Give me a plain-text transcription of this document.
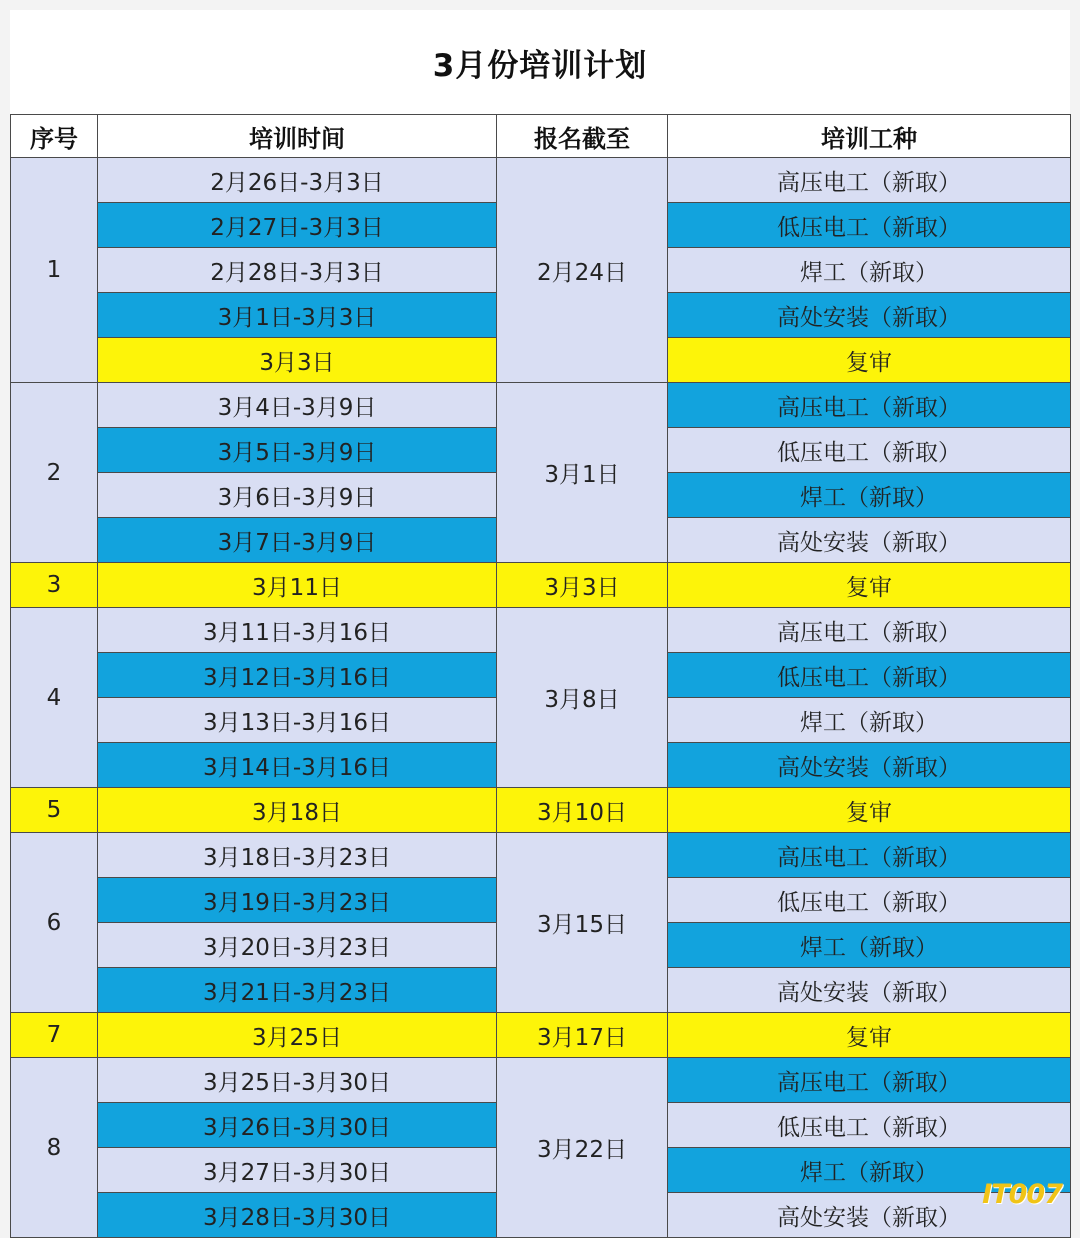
3月份培训计划
序号	培训时间	报名截至	培训工种
1	2月26日-3月3日	2月24日	高压电工（新取）
	2月27日-3月3日		低压电工（新取）
	2月28日-3月3日		焊工（新取）
	3月1日-3月3日		高处安装（新取）
	3月3日		复审
2	3月4日-3月9日	3月1日	高压电工（新取）
	3月5日-3月9日		低压电工（新取）
	3月6日-3月9日		焊工（新取）
	3月7日-3月9日		高处安装（新取）
3	3月11日	3月3日	复审
4	3月11日-3月16日	3月8日	高压电工（新取）
	3月12日-3月16日		低压电工（新取）
	3月13日-3月16日		焊工（新取）
	3月14日-3月16日		高处安装（新取）
5	3月18日	3月10日	复审
6	3月18日-3月23日	3月15日	高压电工（新取）
	3月19日-3月23日		低压电工（新取）
	3月20日-3月23日		焊工（新取）
	3月21日-3月23日		高处安装（新取）
7	3月25日	3月17日	复审
8	3月25日-3月30日	3月22日	高压电工（新取）
	3月26日-3月30日		低压电工（新取）
	3月27日-3月30日		焊工（新取）
	3月28日-3月30日		高处安装（新取）
IT007
